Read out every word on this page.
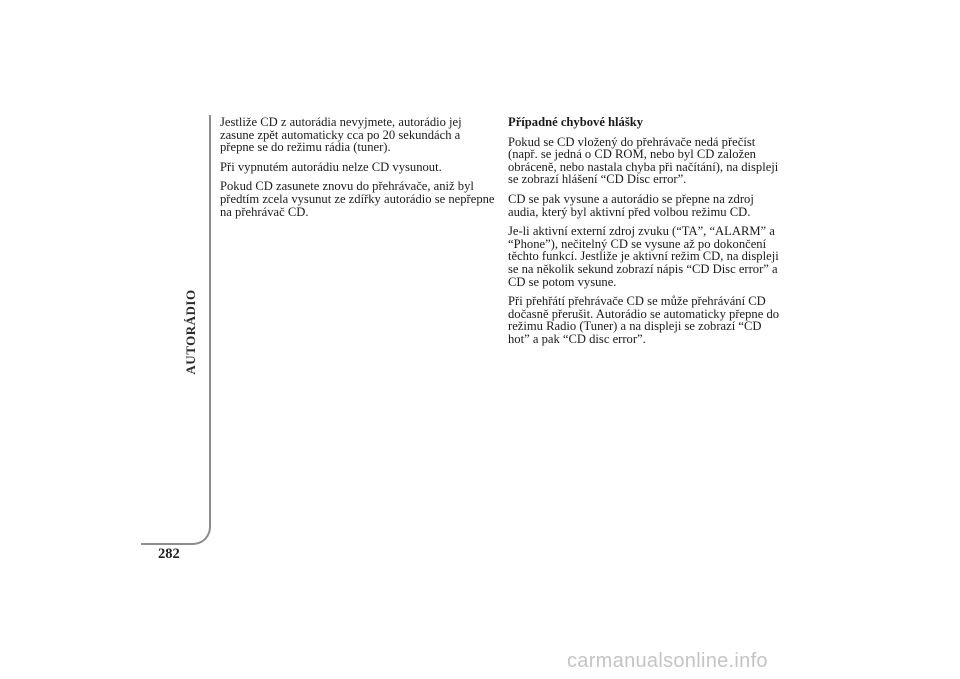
AUTORÁDIO
282

Jestliže CD z autorádia nevyjmete, autorádio jej
zasune zpět automaticky cca po 20 sekundách a
přepne se do režimu rádia (tuner).

Při vypnutém autorádiu nelze CD vysunout.

Pokud CD zasunete znovu do přehrávače, aniž byl
předtím zcela vysunut ze zdířky autorádio se nepřepne
na přehrávač CD.

Případné chybové hlášky

Pokud se CD vložený do přehrávače nedá přečíst
(např. se jedná o CD ROM, nebo byl CD založen
obráceně, nebo nastala chyba při načítání), na displeji
se zobrazí hlášení “CD Disc error”.

CD se pak vysune a autorádio se přepne na zdroj
audia, který byl aktivní před volbou režimu CD.

Je-li aktivní externí zdroj zvuku (“TA”, “ALARM” a
“Phone”), nečitelný CD se vysune až po dokončení
těchto funkcí. Jestliže je aktivní režim CD, na displeji
se na několik sekund zobrazí nápis “CD Disc error” a
CD se potom vysune.

Při přehřátí přehrávače CD se může přehrávání CD
dočasně přerušit. Autorádio se automaticky přepne do
režimu Radio (Tuner) a na displeji se zobrazí “CD
hot” a pak “CD disc error”.

carmanualsonline.info
